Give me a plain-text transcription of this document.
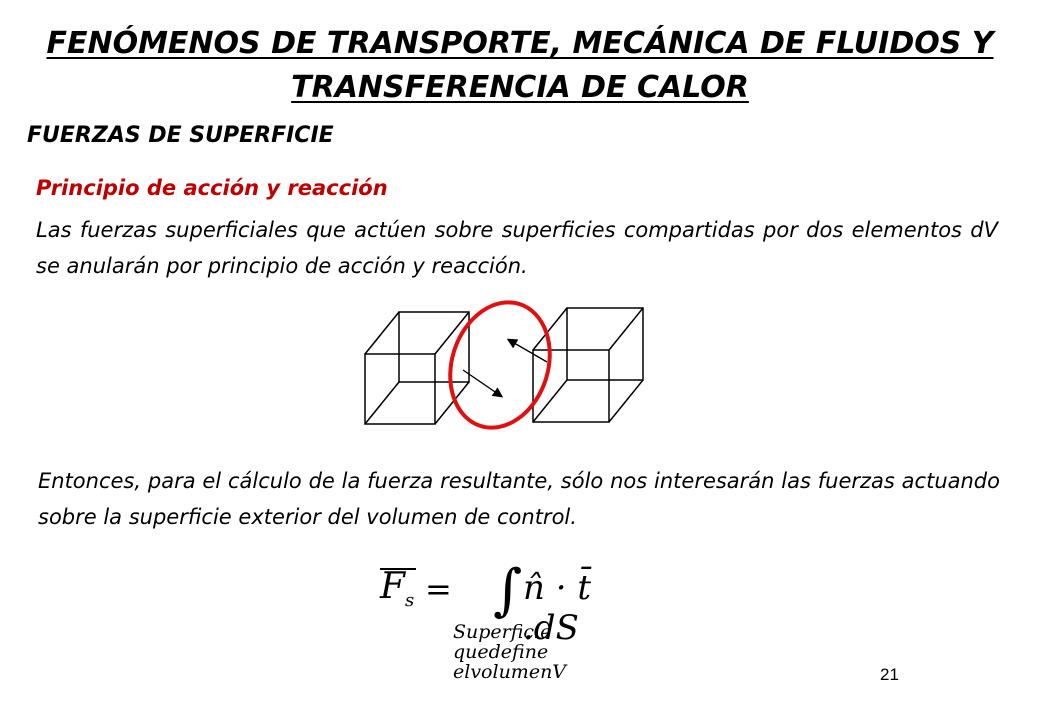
FENÓMENOS DE TRANSPORTE, MECÁNICA DE FLUIDOS Y
TRANSFERENCIA DE CALOR
FUERZAS DE SUPERFICIE
Principio de acción y reacción
Las fuerzas superficiales que actúen sobre superficies compartidas por dos elementos dV se anularán por principio de acción y reacción.
Entonces, para el cálculo de la fuerza resultante, sólo nos interesarán las fuerzas actuando sobre la superficie exterior del volumen de control.
$F_s$ = ∫ n̂ · t̄ .dS
Superficie
quedefine
elvolumenV	21
